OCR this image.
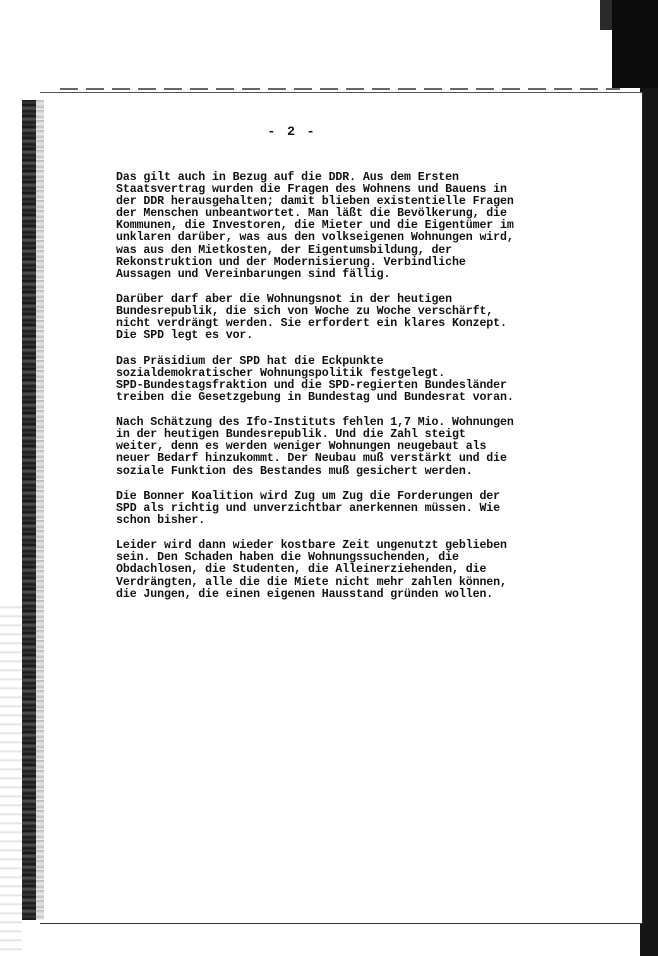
- 2 -

Das gilt auch in Bezug auf die DDR. Aus dem Ersten
Staatsvertrag wurden die Fragen des Wohnens und Bauens in
der DDR herausgehalten; damit blieben existentielle Fragen
der Menschen unbeantwortet. Man läßt die Bevölkerung, die
Kommunen, die Investoren, die Mieter und die Eigentümer im
unklaren darüber, was aus den volkseigenen Wohnungen wird,
was aus den Mietkosten, der Eigentumsbildung, der
Rekonstruktion und der Modernisierung. Verbindliche
Aussagen und Vereinbarungen sind fällig.

Darüber darf aber die Wohnungsnot in der heutigen
Bundesrepublik, die sich von Woche zu Woche verschärft,
nicht verdrängt werden. Sie erfordert ein klares Konzept.
Die SPD legt es vor.

Das Präsidium der SPD hat die Eckpunkte
sozialdemokratischer Wohnungspolitik festgelegt.
SPD-Bundestagsfraktion und die SPD-regierten Bundesländer
treiben die Gesetzgebung in Bundestag und Bundesrat voran.

Nach Schätzung des Ifo-Instituts fehlen 1,7 Mio. Wohnungen
in der heutigen Bundesrepublik. Und die Zahl steigt
weiter, denn es werden weniger Wohnungen neugebaut als
neuer Bedarf hinzukommt. Der Neubau muß verstärkt und die
soziale Funktion des Bestandes muß gesichert werden.

Die Bonner Koalition wird Zug um Zug die Forderungen der
SPD als richtig und unverzichtbar anerkennen müssen. Wie
schon bisher.

Leider wird dann wieder kostbare Zeit ungenutzt geblieben
sein. Den Schaden haben die Wohnungssuchenden, die
Obdachlosen, die Studenten, die Alleinerziehenden, die
Verdrängten, alle die die Miete nicht mehr zahlen können,
die Jungen, die einen eigenen Hausstand gründen wollen.
